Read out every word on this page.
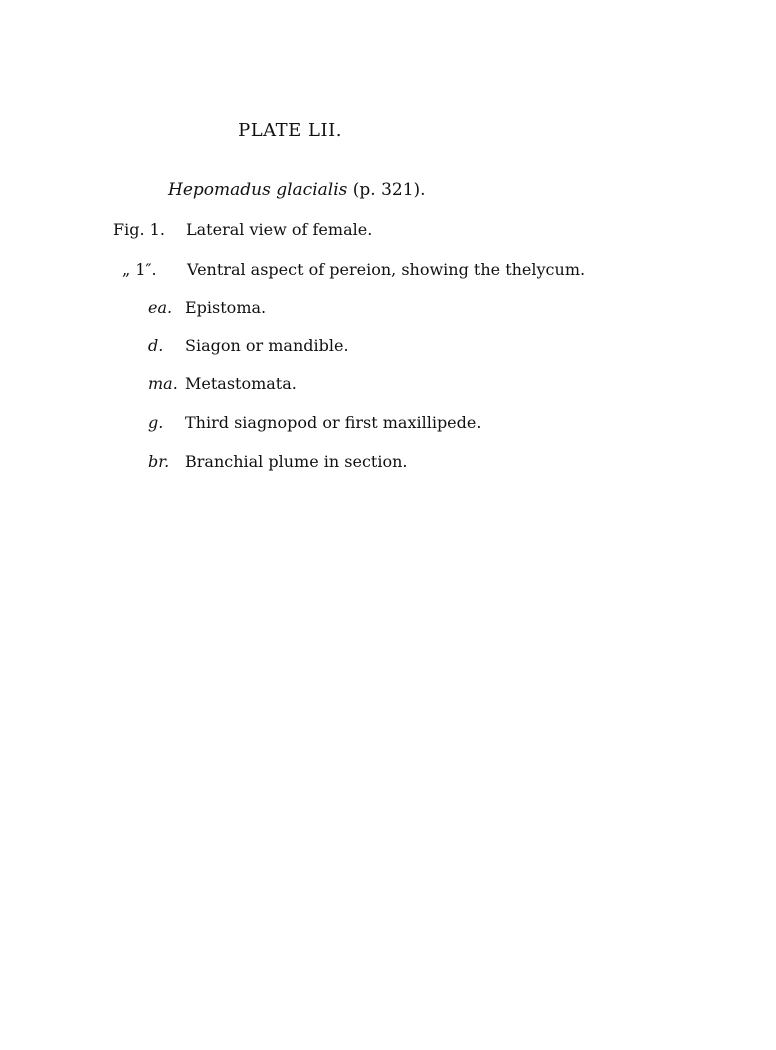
PLATE LII.
Hepomadus glacialis (p. 321).
Fig. 1. Lateral view of female.
„ 1″. Ventral aspect of pereion, showing the thelycum.
ea. Epistoma.
d. Siagon or mandible.
ma. Metastomata.
g. Third siagnopod or first maxillipede.
br. Branchial plume in section.
